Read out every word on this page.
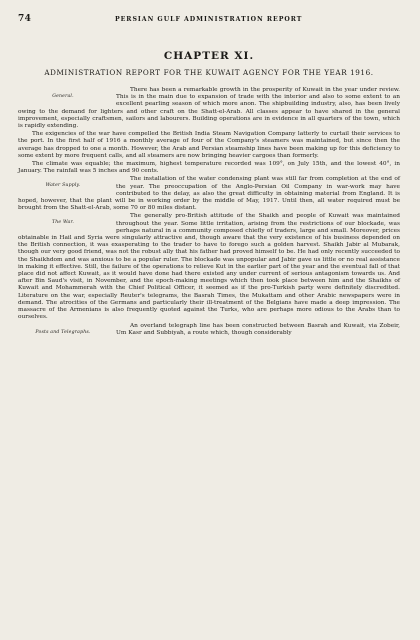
74	PERSIAN GULF ADMINISTRATION REPORT
CHAPTER XI.
ADMINISTRATION REPORT FOR THE KUWAIT AGENCY FOR THE YEAR 1916.

General.
There has been a remarkable growth in the prosperity of Kuwait in the year under review. This is in the main due to expansion of trade with the interior and also to some extent to an excellent pearling season of which more anon. The shipbuilding industry, also, has been lively owing to the demand for lighters and other craft on the Shatt-el-Arab. All classes appear to have shared in the general improvement, especially craftsmen, sailors and labourers. Building operations are in evidence in all quarters of the town, which is rapidly extending.

The exigencies of the war have compelled the British India Steam Navigation Company latterly to curtail their services to the port. In the first half of 1916 a monthly average of four of the Company's steamers was maintained, but since then the average has dropped to one a month. However, the Arab and Persian steamship lines have been making up for this deficiency to some extent by more frequent calls, and all steamers are now bringing heavier cargoes than formerly.

The climate was equable; the maximum, highest temperature recorded was 109°, on July 15th, and the lowest 40°, in January. The rainfall was 5 inches and 90 cents.

Water Supply.
The installation of the water condensing plant was still far from completion at the end of the year. The preoccupation of the Anglo-Persian Oil Company in war-work may have contributed to the delay, as also the great difficulty in obtaining material from England. It is hoped, however, that the plant will be in working order by the middle of May, 1917. Until then, all water required must be brought from the Shatt-el-Arab, some 70 or 80 miles distant.

The War.
The generally pro-British attitude of the Shaikh and people of Kuwait was maintained throughout the year. Some little irritation, arising from the restrictions of our blockade, was perhaps natural in a community composed chiefly of traders, large and small. Moreover, prices obtainable in Hail and Syria were singularly attractive and, though aware that the very existence of his business depended on the British connection, it was exasperating to the trader to have to forego such a golden harvest. Shaikh Jabir al Mubarak, though our very good friend, was not the robust ally that his father had proved himself to be. He had only recently succeeded to the Shaikhdom and was anxious to be a popular ruler. The blockade was unpopular and Jabir gave us little or no real assistance in making it effective. Still, the failure of the operations to relieve Kut in the earlier part of the year and the eventual fall of that place did not affect Kuwait, as it would have done had there existed any under current of serious antagonism towards us. And after Bin Saud's visit, in November, and the epoch-making meetings which then took place between him and the Shaikhs of Kuwait and Mohammerah with the Chief Political Officer, it seemed as if the pro-Turkish party were definitely discredited. Literature on the war, especially Reuter's telegrams, the Basrah Times, the Mukattam and other Arabic newspapers were in demand. The atrocities of the Germans and particularly their ill-treatment of the Belgians have made a deep impression. The massacre of the Armenians is also frequently quoted against the Turks, who are perhaps more odious to the Arabs than to ourselves.

Posts and Telegraphs.
An overland telegraph line has been constructed between Basrah and Kuwait, via Zobeir, Um Kasr and Subbiyah, a route which, though considerably
